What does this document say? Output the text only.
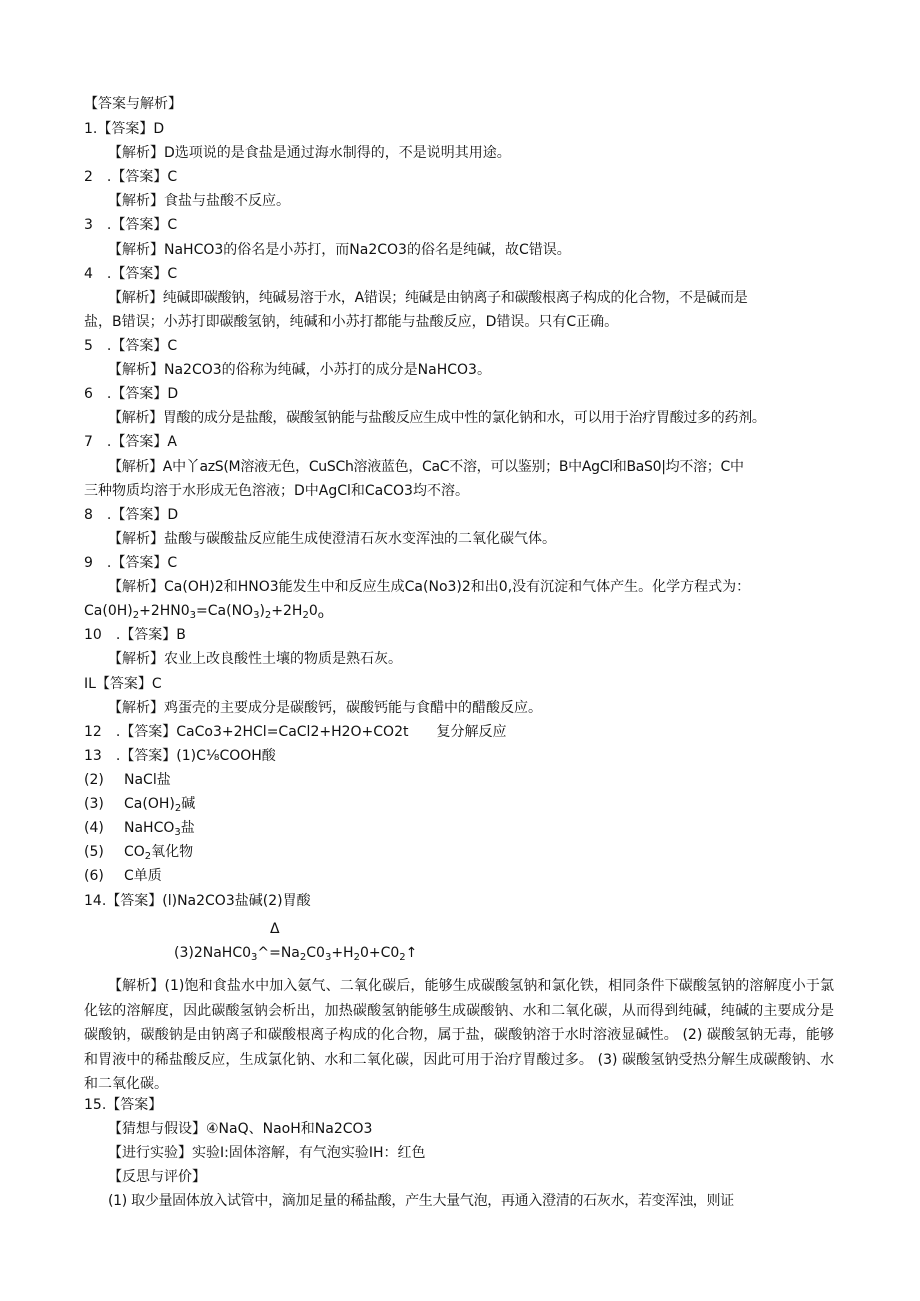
【答案与解析】
1.【答案】D
【解析】D选项说的是食盐是通过海水制得的，不是说明其用途。
2　.【答案】C
【解析】食盐与盐酸不反应。
3　.【答案】C
【解析】NaHCO3的俗名是小苏打，而Na2CO3的俗名是纯碱，故C错误。
4　.【答案】C
【解析】纯碱即碳酸钠，纯碱易溶于水，A错误；纯碱是由钠离子和碳酸根离子构成的化合物，不是碱而是
盐，B错误；小苏打即碳酸氢钠，纯碱和小苏打都能与盐酸反应，D错误。只有C正确。
5　.【答案】C
【解析】Na2CO3的俗称为纯碱，小苏打的成分是NaHCO3。
6　.【答案】D
【解析】胃酸的成分是盐酸，碳酸氢钠能与盐酸反应生成中性的氯化钠和水，可以用于治疗胃酸过多的药剂。
7　.【答案】A
【解析】A中丫azS(M溶液无色，CuSCh溶液蓝色，CaC不溶，可以鉴别；B中AgCl和BaS0|均不溶；C中
三种物质均溶于水形成无色溶液；D中AgCl和CaCO3均不溶。
8　.【答案】D
【解析】盐酸与碳酸盐反应能生成使澄清石灰水变浑浊的二氧化碳气体。
9　.【答案】C
【解析】Ca(OH)2和HNO3能发生中和反应生成Ca(No3)2和出0,没有沉淀和气体产生。化学方程式为：
$Ca(0H)_2+2HN0_3=Ca(NO_3)_2+2H_20_o$
10　.【答案】B
【解析】农业上改良酸性土壤的物质是熟石灰。
IL【答案】C
【解析】鸡蛋壳的主要成分是碳酸钙，碳酸钙能与食醋中的醋酸反应。
12　.【答案】CaCo3+2HCl=CaCl2+H2O+CO2t　　复分解反应
13　.【答案】(1)C⅛COOH酸
(2) NaCl盐
(3) $Ca(OH)_2$碱
(4) NaHCO$_3$盐
(5) $CO_2$氧化物
(6) C单质
14.【答案】(l)Na2CO3盐碱(2)胃酸
Δ
$(3)2NaHC0_3\^{}=Na_2C0_3+H_20+C0_2↑$
【解析】(1)饱和食盐水中加入氨气、二氧化碳后，能够生成碳酸氢钠和氯化铁，相同条件下碳酸氢钠的溶解度小于氯化铉的溶解度，因此碳酸氢钠会析出，加热碳酸氢钠能够生成碳酸钠、水和二氧化碳，从而得到纯碱，纯碱的主要成分是碳酸钠，碳酸钠是由钠离子和碳酸根离子构成的化合物，属于盐，碳酸钠溶于水时溶液显碱性。 (2) 碳酸氢钠无毒，能够和胃液中的稀盐酸反应，生成氯化钠、水和二氧化碳，因此可用于治疗胃酸过多。 (3) 碳酸氢钠受热分解生成碳酸钠、水和二氧化碳。
15.【答案】
【猜想与假设】④NaQ、NaoH和Na2CO3
【进行实验】实验I:固体溶解，有气泡实验IH：红色
【反思与评价】
(1) 取少量固体放入试管中，滴加足量的稀盐酸，产生大量气泡，再通入澄清的石灰水，若变浑浊，则证
